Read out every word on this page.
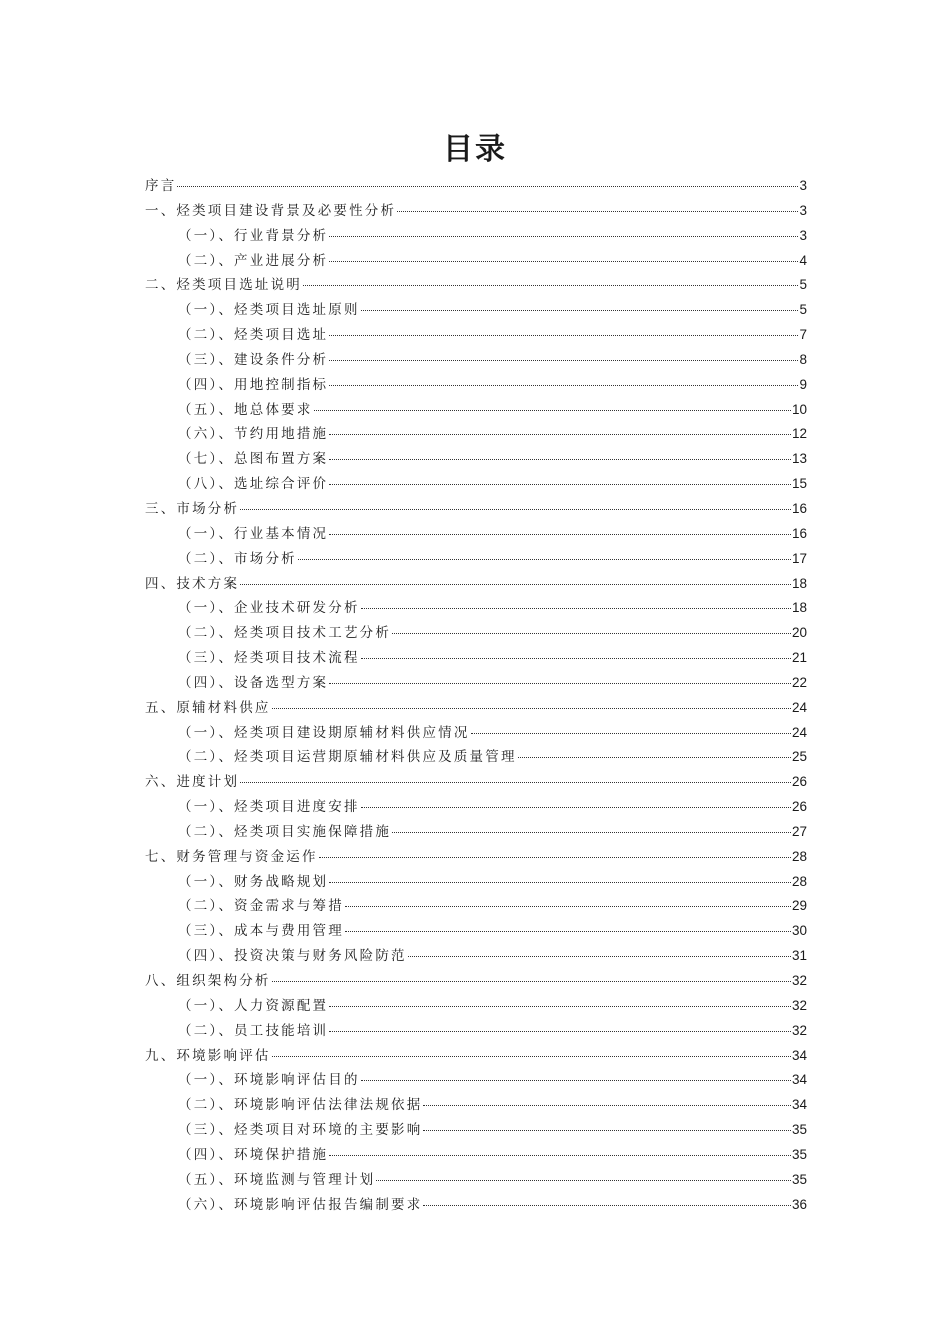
目录
序言	3
一、烃类项目建设背景及必要性分析	3
（一）、行业背景分析	3
（二）、产业进展分析	4
二、烃类项目选址说明	5
（一）、烃类项目选址原则	5
（二）、烃类项目选址	7
（三）、建设条件分析	8
（四）、用地控制指标	9
（五）、地总体要求	10
（六）、节约用地措施	12
（七）、总图布置方案	13
（八）、选址综合评价	15
三、市场分析	16
（一）、行业基本情况	16
（二）、市场分析	17
四、技术方案	18
（一）、企业技术研发分析	18
（二）、烃类项目技术工艺分析	20
（三）、烃类项目技术流程	21
（四）、设备选型方案	22
五、原辅材料供应	24
（一）、烃类项目建设期原辅材料供应情况	24
（二）、烃类项目运营期原辅材料供应及质量管理	25
六、进度计划	26
（一）、烃类项目进度安排	26
（二）、烃类项目实施保障措施	27
七、财务管理与资金运作	28
（一）、财务战略规划	28
（二）、资金需求与筹措	29
（三）、成本与费用管理	30
（四）、投资决策与财务风险防范	31
八、组织架构分析	32
（一）、人力资源配置	32
（二）、员工技能培训	32
九、环境影响评估	34
（一）、环境影响评估目的	34
（二）、环境影响评估法律法规依据	34
（三）、烃类项目对环境的主要影响	35
（四）、环境保护措施	35
（五）、环境监测与管理计划	35
（六）、环境影响评估报告编制要求	36
